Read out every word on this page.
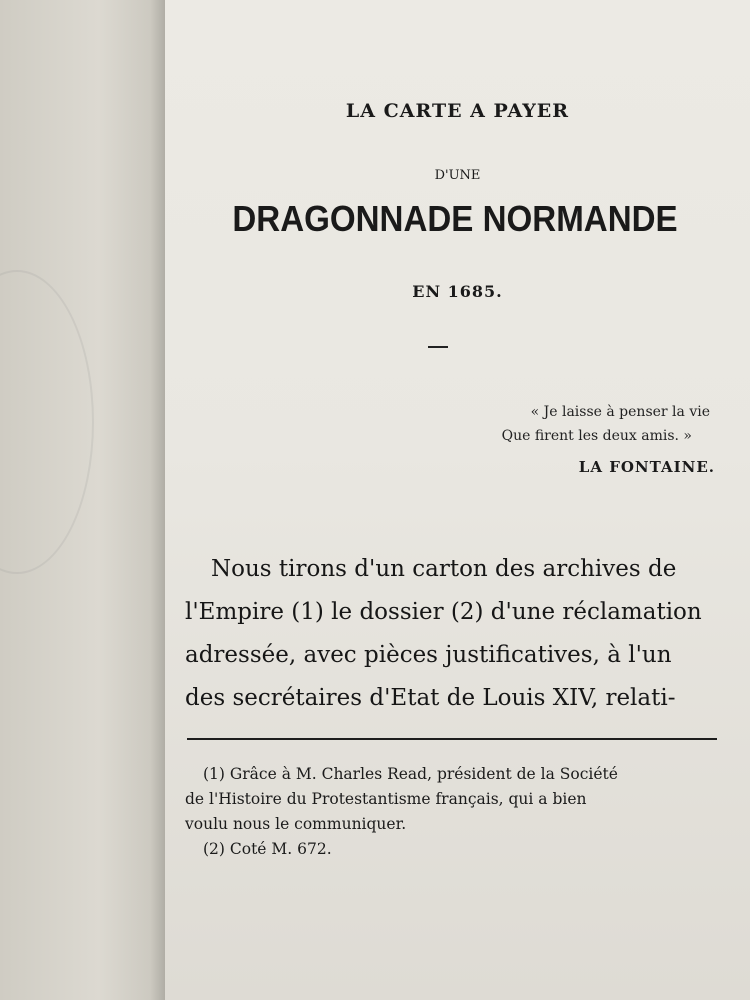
LA CARTE A PAYER
D'UNE
DRAGONNADE NORMANDE
EN 1685.
« Je laisse à penser la vie
Que firent les deux amis. »
LA FONTAINE.
Nous tirons d'un carton des archives de
l'Empire (1) le dossier (2) d'une réclamation
adressée, avec pièces justificatives, à l'un
des secrétaires d'Etat de Louis XIV, relati-
(1) Grâce à M. Charles Read, président de la Société
de l'Histoire du Protestantisme français, qui a bien
voulu nous le communiquer.
(2) Coté M. 672.
